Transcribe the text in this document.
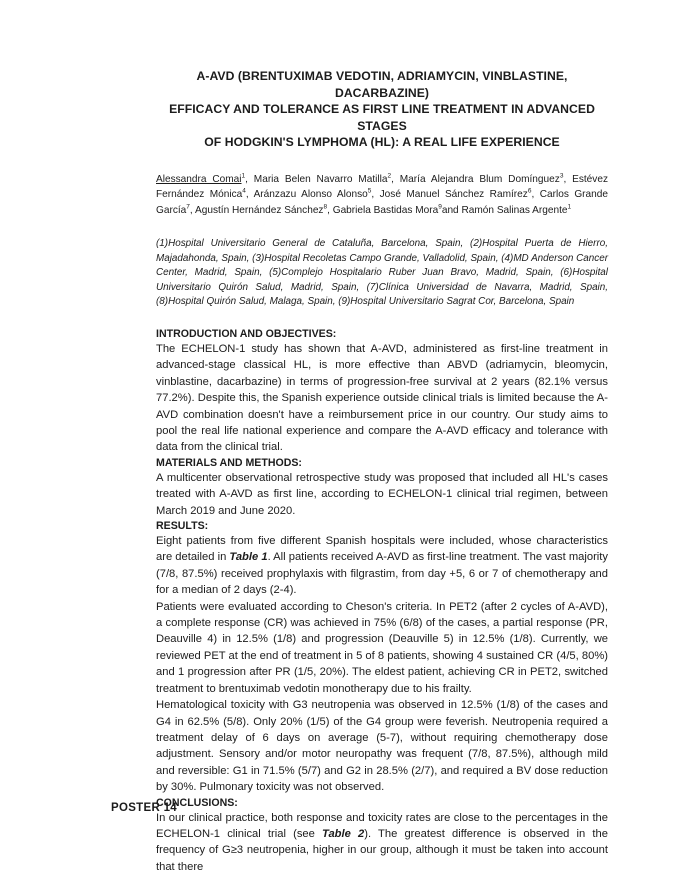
A-AVD (BRENTUXIMAB VEDOTIN, ADRIAMYCIN, VINBLASTINE, DACARBAZINE)
EFFICACY AND TOLERANCE AS FIRST LINE TREATMENT IN ADVANCED STAGES
OF HODGKIN'S LYMPHOMA (HL): A REAL LIFE EXPERIENCE

Alessandra Comai$^1$, Maria Belen Navarro Matilla$^2$, María Alejandra Blum Domínguez$^3$, Estévez Fernández Mónica$^4$, Aránzazu Alonso Alonso$^5$, José Manuel Sánchez Ramírez$^6$, Carlos Grande García$^7$, Agustín Hernández Sánchez$^8$, Gabriela Bastidas Mora$^9$and Ramón Salinas Argente$^1$

(1)Hospital Universitario General de Cataluña, Barcelona, Spain, (2)Hospital Puerta de Hierro, Majadahonda, Spain, (3)Hospital Recoletas Campo Grande, Valladolid, Spain, (4)MD Anderson Cancer Center, Madrid, Spain, (5)Complejo Hospitalario Ruber Juan Bravo, Madrid, Spain, (6)Hospital Universitario Quirón Salud, Madrid, Spain, (7)Clínica Universidad de Navarra, Madrid, Spain, (8)Hospital Quirón Salud, Malaga, Spain, (9)Hospital Universitario Sagrat Cor, Barcelona, Spain

INTRODUCTION AND OBJECTIVES:

The ECHELON-1 study has shown that A-AVD, administered as first-line treatment in advanced-stage classical HL, is more effective than ABVD (adriamycin, bleomycin, vinblastine, dacarbazine) in terms of progression-free survival at 2 years (82.1% versus 77.2%). Despite this, the Spanish experience outside clinical trials is limited because the A-AVD combination doesn't have a reimbursement price in our country. Our study aims to pool the real life national experience and compare the A-AVD efficacy and tolerance with data from the clinical trial.

MATERIALS AND METHODS:

A multicenter observational retrospective study was proposed that included all HL's cases treated with A-AVD as first line, according to ECHELON-1 clinical trial regimen, between March 2019 and June 2020.

RESULTS:

Eight patients from five different Spanish hospitals were included, whose characteristics are detailed in Table 1. All patients received A-AVD as first-line treatment. The vast majority (7/8, 87.5%) received prophylaxis with filgrastim, from day +5, 6 or 7 of chemotherapy and for a median of 2 days (2-4).

Patients were evaluated according to Cheson's criteria. In PET2 (after 2 cycles of A-AVD), a complete response (CR) was achieved in 75% (6/8) of the cases, a partial response (PR, Deauville 4) in 12.5% (1/8) and progression (Deauville 5) in 12.5% (1/8). Currently, we reviewed PET at the end of treatment in 5 of 8 patients, showing 4 sustained CR (4/5, 80%) and 1 progression after PR (1/5, 20%). The eldest patient, achieving CR in PET2, switched treatment to brentuximab vedotin monotherapy due to his frailty.

Hematological toxicity with G3 neutropenia was observed in 12.5% (1/8) of the cases and G4 in 62.5% (5/8). Only 20% (1/5) of the G4 group were feverish. Neutropenia required a treatment delay of 6 days on average (5-7), without requiring chemotherapy dose adjustment. Sensory and/or motor neuropathy was frequent (7/8, 87.5%), although mild and reversible: G1 in 71.5% (5/7) and G2 in 28.5% (2/7), and required a BV dose reduction by 30%. Pulmonary toxicity was not observed.

CONCLUSIONS:

In our clinical practice, both response and toxicity rates are close to the percentages in the ECHELON-1 clinical trial (see Table 2). The greatest difference is observed in the frequency of G≥3 neutropenia, higher in our group, although it must be taken into account that there

POSTER 14
